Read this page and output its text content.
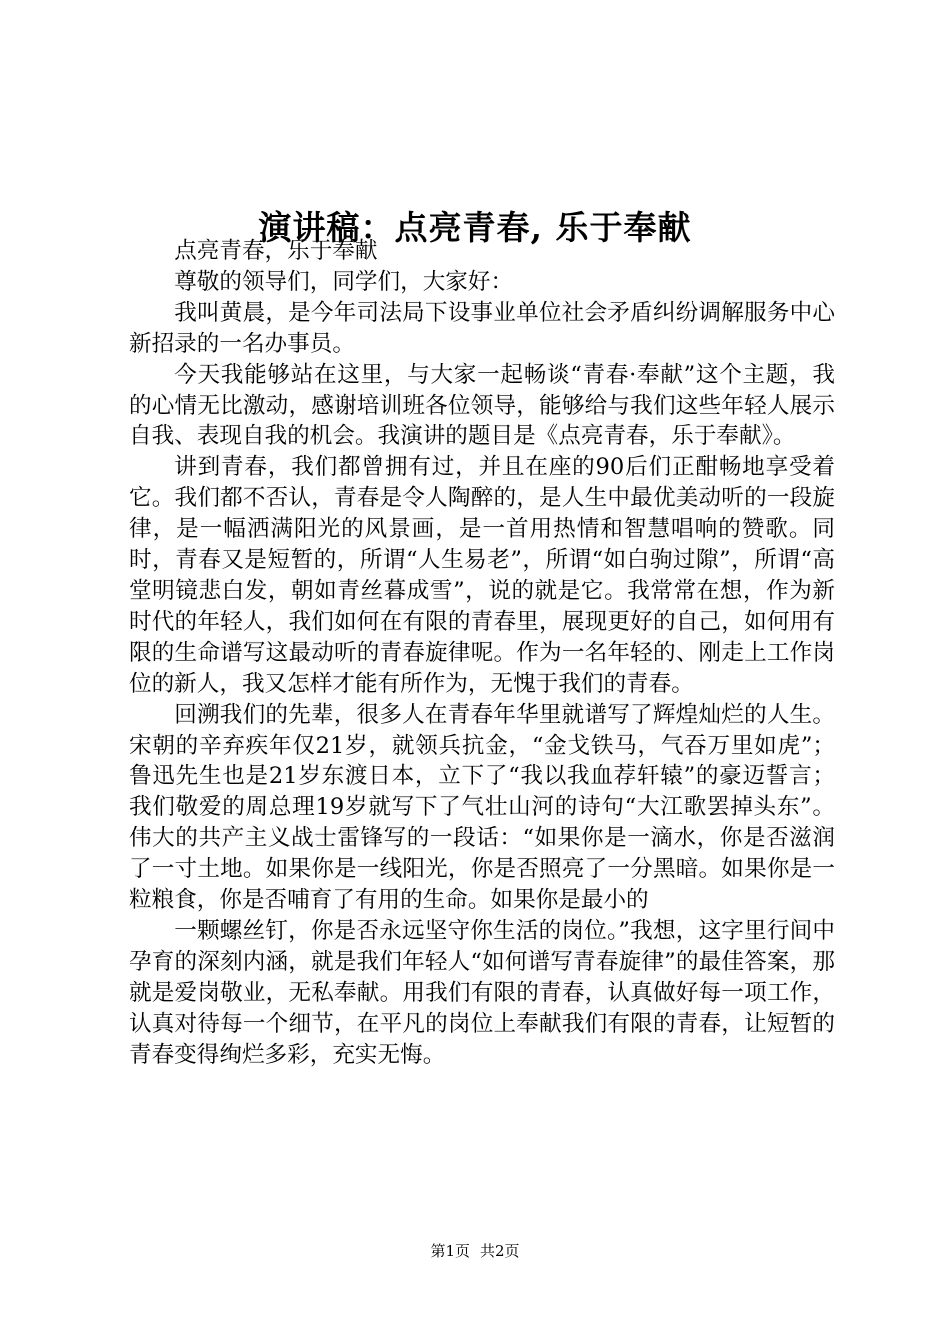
演讲稿：点亮青春, 乐于奉献

点亮青春，乐于奉献

尊敬的领导们，同学们，大家好：

我叫黄晨，是今年司法局下设事业单位社会矛盾纠纷调解服务中心新招录的一名办事员。

今天我能够站在这里，与大家一起畅谈“青春·奉献”这个主题，我的心情无比激动，感谢培训班各位领导，能够给与我们这些年轻人展示自我、表现自我的机会。我演讲的题目是《点亮青春，乐于奉献》。

讲到青春，我们都曾拥有过，并且在座的90后们正酣畅地享受着它。我们都不否认，青春是令人陶醉的，是人生中最优美动听的一段旋律，是一幅洒满阳光的风景画，是一首用热情和智慧唱响的赞歌。同时，青春又是短暂的，所谓“人生易老”，所谓“如白驹过隙”，所谓“高堂明镜悲白发，朝如青丝暮成雪”，说的就是它。我常常在想，作为新时代的年轻人，我们如何在有限的青春里，展现更好的自己，如何用有限的生命谱写这最动听的青春旋律呢。作为一名年轻的、刚走上工作岗位的新人，我又怎样才能有所作为，无愧于我们的青春。

回溯我们的先辈，很多人在青春年华里就谱写了辉煌灿烂的人生。宋朝的辛弃疾年仅21岁，就领兵抗金，“金戈铁马，气吞万里如虎”；鲁迅先生也是21岁东渡日本，立下了“我以我血荐轩辕”的豪迈誓言；我们敬爱的周总理19岁就写下了气壮山河的诗句“大江歌罢掉头东”。伟大的共产主义战士雷锋写的一段话：“如果你是一滴水，你是否滋润了一寸土地。如果你是一线阳光，你是否照亮了一分黑暗。如果你是一粒粮食，你是否哺育了有用的生命。如果你是最小的

一颗螺丝钉，你是否永远坚守你生活的岗位。”我想，这字里行间中孕育的深刻内涵，就是我们年轻人“如何谱写青春旋律”的最佳答案，那就是爱岗敬业，无私奉献。用我们有限的青春，认真做好每一项工作，认真对待每一个细节，在平凡的岗位上奉献我们有限的青春，让短暂的青春变得绚烂多彩，充实无悔。

第1页 共2页
